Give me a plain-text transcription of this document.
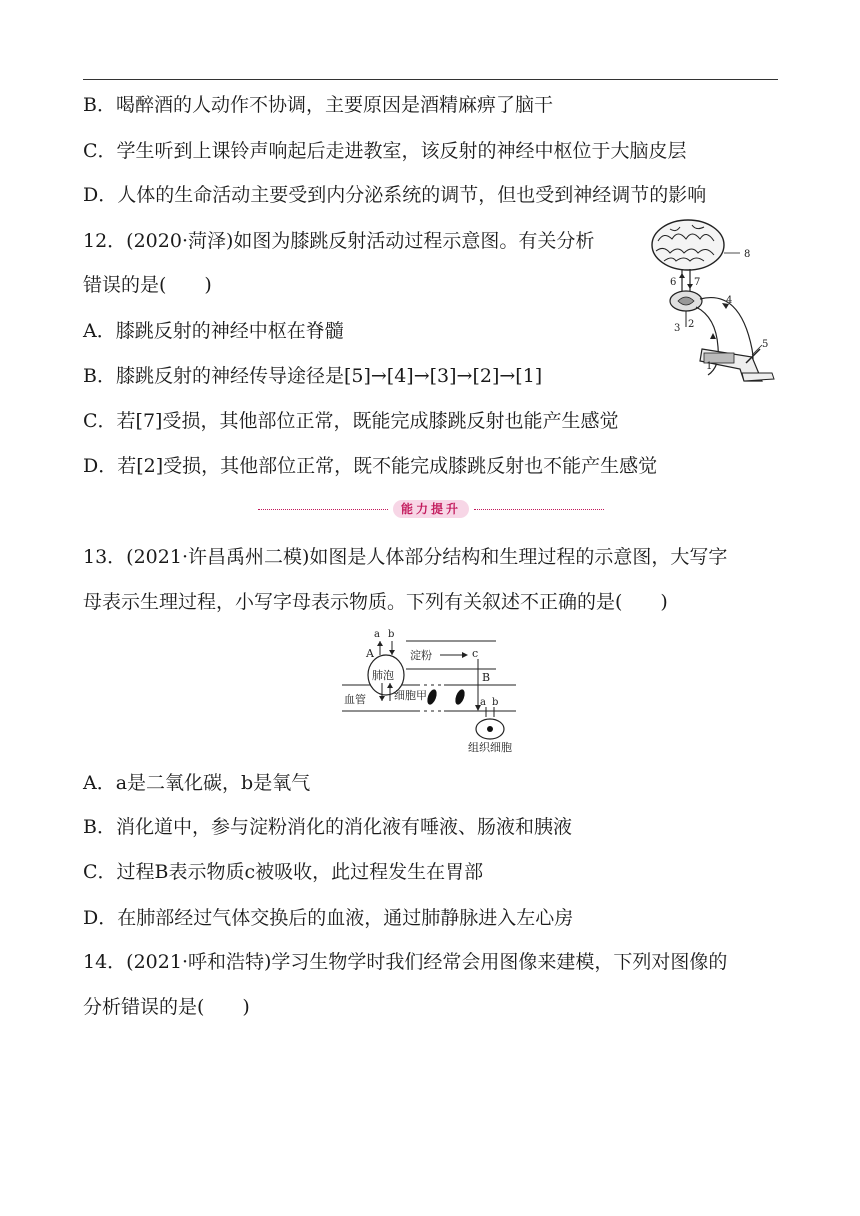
B．喝醉酒的人动作不协调，主要原因是酒精麻痹了脑干
C．学生听到上课铃声响起后走进教室，该反射的神经中枢位于大脑皮层
D．人体的生命活动主要受到内分泌系统的调节，但也受到神经调节的影响
12．(2020·菏泽)如图为膝跳反射活动过程示意图。有关分析
错误的是(　　)
A．膝跳反射的神经中枢在脊髓
B．膝跳反射的神经传导途径是[5]→[4]→[3]→[2]→[1]
C．若[7]受损，其他部位正常，既能完成膝跳反射也能产生感觉
D．若[2]受损，其他部位正常，既不能完成膝跳反射也不能产生感觉
8
6 7
4
2
3
5
1
能力提升
13．(2021·许昌禹州二模)如图是人体部分结构和生理过程的示意图，大写字
母表示生理过程，小写字母表示物质。下列有关叙述不正确的是(　　)
a b
A
肺泡
淀粉	c
B
血管	细胞甲
a b
组织细胞
A．a是二氧化碳，b是氧气
B．消化道中，参与淀粉消化的消化液有唾液、肠液和胰液
C．过程B表示物质c被吸收，此过程发生在胃部
D．在肺部经过气体交换后的血液，通过肺静脉进入左心房
14．(2021·呼和浩特)学习生物学时我们经常会用图像来建模，下列对图像的
分析错误的是(　　)
